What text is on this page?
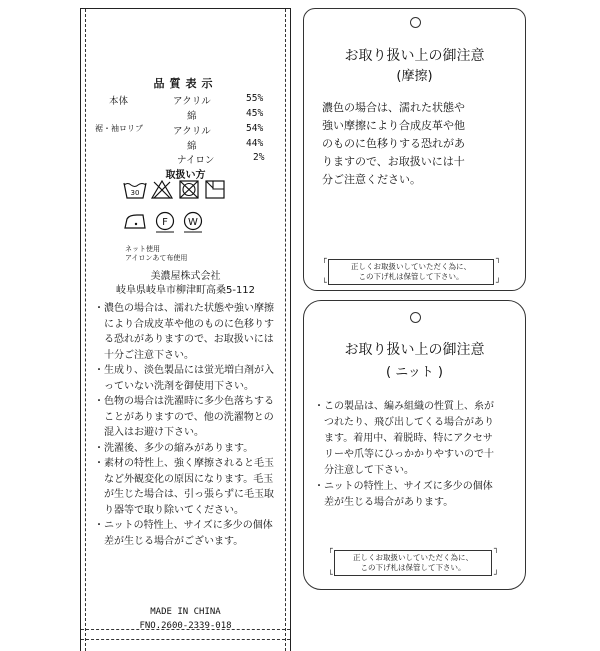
品質表示
本体	アクリル	55%
綿	45%
裾・袖ロリブ	アクリル	54%
綿	44%
ナイロン	2%
取扱い方
30
F W
ネット使用
アイロンあて布使用
美濃屋株式会社
岐阜県岐阜市柳津町高桑5-112
・ 濃色の場合は、濡れた状態や強い摩擦により合成皮革や他のものに色移りする恐れがありますので、お取扱いには十分ご注意下さい。
・ 生成り、淡色製品には蛍光増白剤が入っていない洗剤を御使用下さい。
・ 色物の場合は洗濯時に多少色落ちすることがありますので、他の洗濯物との混入はお避け下さい。
・ 洗濯後、多少の縮みがあります。
・ 素材の特性上、強く摩擦されると毛玉など外観変化の原因になります。毛玉が生じた場合は、引っ張らずに毛玉取り器等で取り除いてください。
・ ニットの特性上、サイズに多少の個体差が生じる場合がございます。
MADE IN CHINA
FNO.2600-2339-018
お取り扱い上の御注意
(摩擦)
濃色の場合は、濡れた状態や
強い摩擦により合成皮革や他
のものに色移りする恐れがあ
りますので、お取扱いには十
分ご注意ください。
正しくお取扱いしていただく為に、
この下げ札は保管して下さい。
┌	┐
└	┘
お取り扱い上の御注意
( ニット )
・この製品は、編み組織の性質上、糸が
　つれたり、飛び出してくる場合があり
　ます。着用中、着脱時、特にアクセサ
　リーや爪等にひっかかりやすいので十
　分注意して下さい。
・ニットの特性上、サイズに多少の個体
　差が生じる場合があります。
正しくお取扱いしていただく為に、
この下げ札は保管して下さい。
┌	┐
└	┘
